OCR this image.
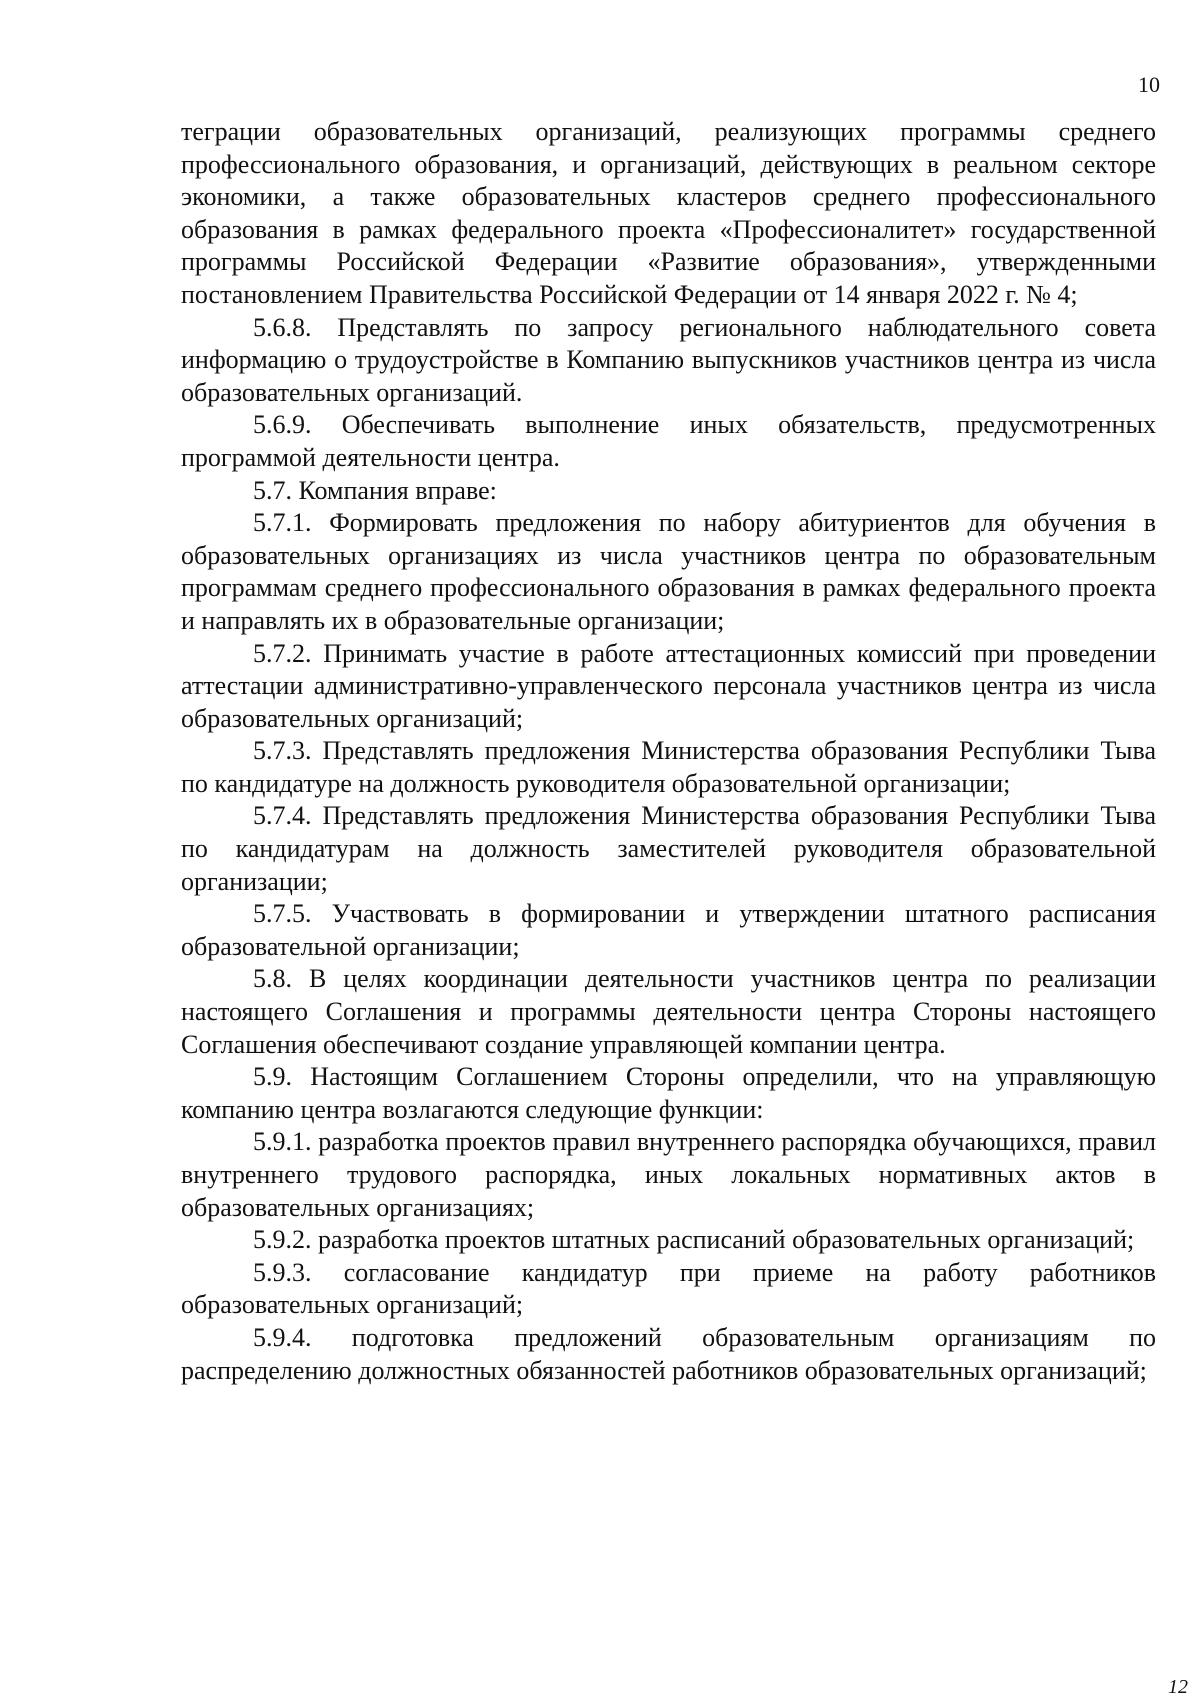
10

теграции образовательных организаций, реализующих программы среднего профессионального образования, и организаций, действующих в реальном секторе экономики, а также образовательных кластеров среднего профессионального образования в рамках федерального проекта «Профессионалитет» государственной программы Российской Федерации «Развитие образования», утвержденными постановлением Правительства Российской Федерации от 14 января 2022 г. № 4;

5.6.8. Представлять по запросу регионального наблюдательного совета информацию о трудоустройстве в Компанию выпускников участников центра из числа образовательных организаций.

5.6.9. Обеспечивать выполнение иных обязательств, предусмотренных программой деятельности центра.

5.7. Компания вправе:

5.7.1. Формировать предложения по набору абитуриентов для обучения в образовательных организациях из числа участников центра по образовательным программам среднего профессионального образования в рамках федерального проекта и направлять их в образовательные организации;

5.7.2. Принимать участие в работе аттестационных комиссий при проведении аттестации административно-управленческого персонала участников центра из числа образовательных организаций;

5.7.3. Представлять предложения Министерства образования Республики Тыва по кандидатуре на должность руководителя образовательной организации;

5.7.4. Представлять предложения Министерства образования Республики Тыва по кандидатурам на должность заместителей руководителя образовательной организации;

5.7.5. Участвовать в формировании и утверждении штатного расписания образовательной организации;

5.8. В целях координации деятельности участников центра по реализации настоящего Соглашения и программы деятельности центра Стороны настоящего Соглашения обеспечивают создание управляющей компании центра.

5.9. Настоящим Соглашением Стороны определили, что на управляющую компанию центра возлагаются следующие функции:

5.9.1. разработка проектов правил внутреннего распорядка обучающихся, правил внутреннего трудового распорядка, иных локальных нормативных актов в образовательных организациях;

5.9.2. разработка проектов штатных расписаний образовательных организаций;

5.9.3. согласование кандидатур при приеме на работу работников образовательных организаций;

5.9.4. подготовка предложений образовательным организациям по распределению должностных обязанностей работников образовательных организаций;

12
